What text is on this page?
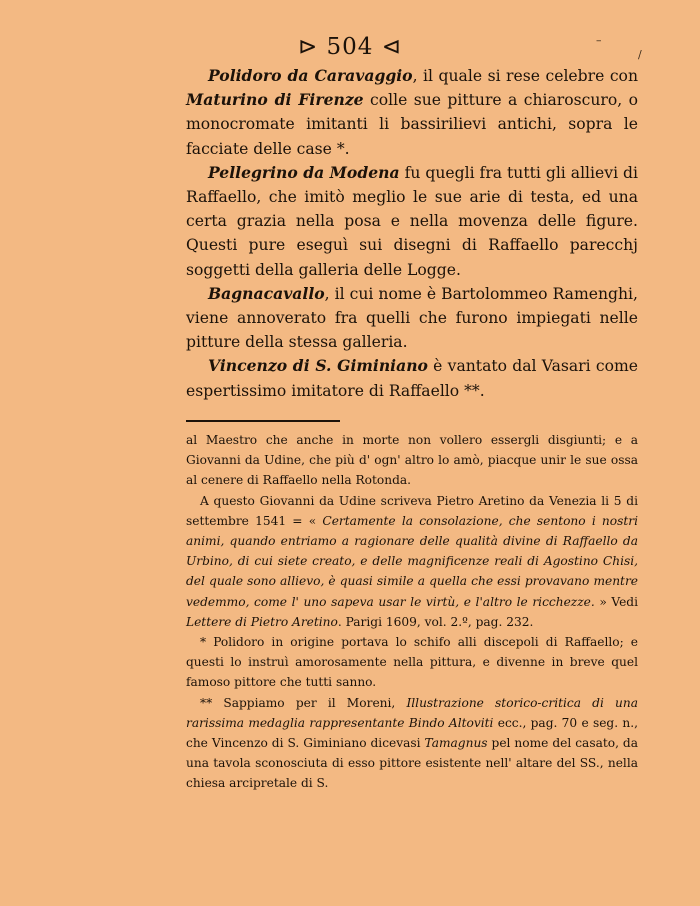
⊳ 504 ⊲	–
/

Polidoro da Caravaggio, il quale si rese celebre con Maturino di Firenze colle sue pitture a chiaroscuro, o monocromate imitanti li bassirilievi antichi, sopra le facciate delle case *.

Pellegrino da Modena fu quegli fra tutti gli allievi di Raffaello, che imitò meglio le sue arie di testa, ed una certa grazia nella posa e nella movenza delle figure. Questi pure eseguì sui disegni di Raffaello parecchj soggetti della galleria delle Logge.

Bagnacavallo, il cui nome è Bartolommeo Ramenghi, viene annoverato fra quelli che furono impiegati nelle pitture della stessa galleria.

Vincenzo di S. Giminiano è vantato dal Vasari come espertissimo imitatore di Raffaello **.

al Maestro che anche in morte non vollero essergli disgiunti; e a Giovanni da Udine, che più d' ogn' altro lo amò, piacque unir le sue ossa al cenere di Raffaello nella Rotonda.

A questo Giovanni da Udine scriveva Pietro Aretino da Venezia li 5 di settembre 1541 = « Certamente la consolazione, che sentono i nostri animi, quando entriamo a ragionare delle qualità divine di Raffaello da Urbino, di cui siete creato, e delle magnificenze reali di Agostino Chisi, del quale sono allievo, è quasi simile a quella che essi provavano mentre vedemmo, come l' uno sapeva usar le virtù, e l'altro le ricchezze. » Vedi Lettere di Pietro Aretino. Parigi 1609, vol. 2.º, pag. 232.

* Polidoro in origine portava lo schifo alli discepoli di Raffaello; e questi lo instruì amorosamente nella pittura, e divenne in breve quel famoso pittore che tutti sanno.

** Sappiamo per il Moreni, Illustrazione storico-critica di una rarissima medaglia rappresentante Bindo Altoviti ecc., pag. 70 e seg. n., che Vincenzo di S. Giminiano dicevasi Tamagnus pel nome del casato, da una tavola sconosciuta di esso pittore esistente nell' altare del SS., nella chiesa arcipretale di S.
